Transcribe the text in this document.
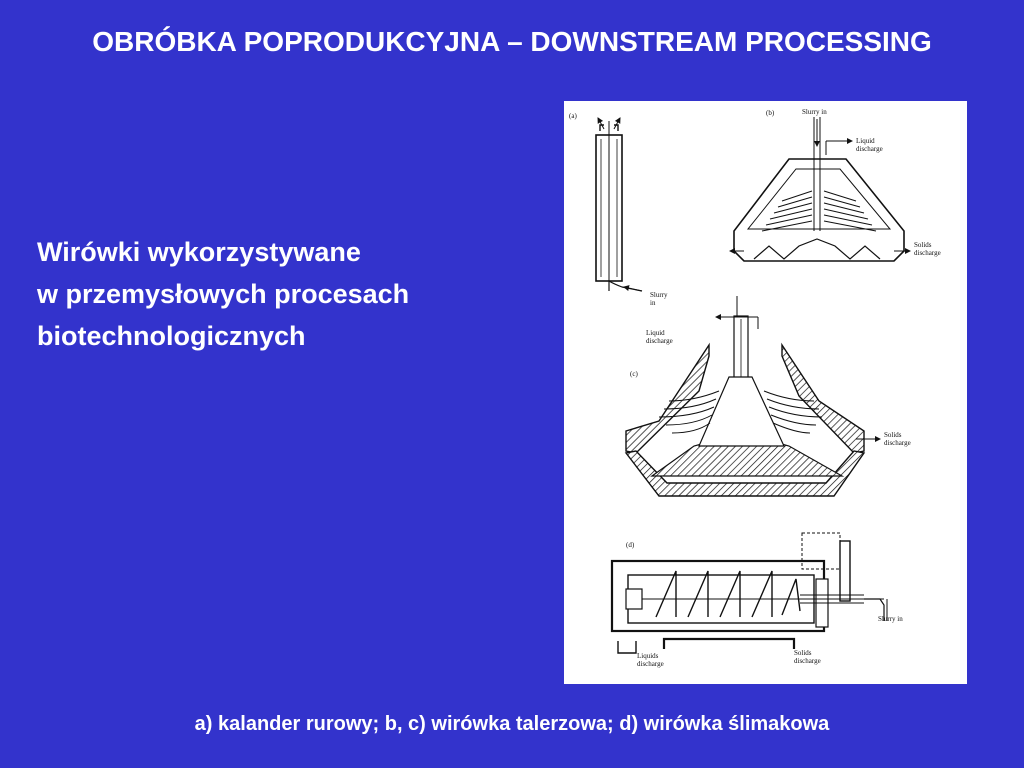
OBRÓBKA POPRODUKCYJNA – DOWNSTREAM PROCESSING
Wirówki wykorzystywane
w przemysłowych procesach
biotechnologicznych
(a)
Slurry
in
(b)	Slurry in
Liquid
discharge
Solids
discharge
(c)
Liquid
discharge
Solids
discharge
(d)
Slurry in
Liquids
discharge
Solids
discharge
a) kalander rurowy; b, c) wirówka talerzowa; d) wirówka ślimakowa
